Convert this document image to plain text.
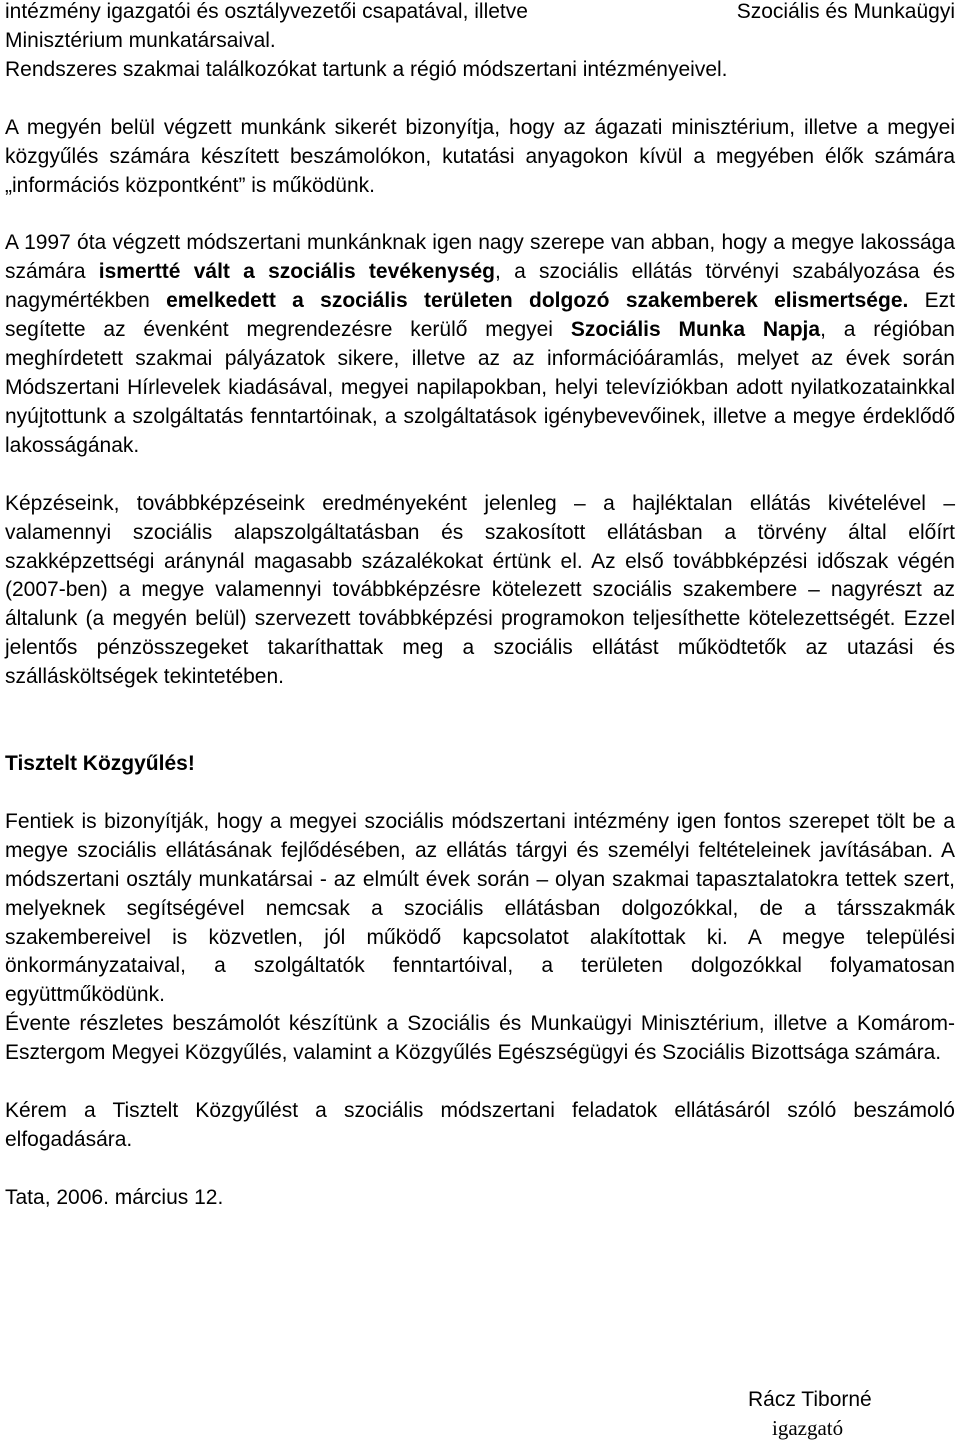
intézmény igazgatói és osztályvezetői csapatával, illetve	Szociális és Munkaügyi
Minisztérium munkatársaival.
Rendszeres szakmai találkozókat tartunk a régió módszertani intézményeivel.

A megyén belül végzett munkánk sikerét bizonyítja, hogy az ágazati minisztérium, illetve a megyei közgyűlés számára készített beszámolókon, kutatási anyagokon kívül a megyében élők számára „információs központként” is működünk.

A 1997 óta végzett módszertani munkánknak igen nagy szerepe van abban, hogy a megye lakossága számára ismertté vált a szociális tevékenység, a szociális ellátás törvényi szabályozása és nagymértékben emelkedett a szociális területen dolgozó szakemberek elismertsége. Ezt segítette az évenként megrendezésre kerülő megyei Szociális Munka Napja, a régióban meghírdetett szakmai pályázatok sikere, illetve az az információáramlás, melyet az évek során Módszertani Hírlevelek kiadásával, megyei napilapokban, helyi televíziókban adott nyilatkozatainkkal nyújtottunk a szolgáltatás fenntartóinak, a szolgáltatások igénybevevőinek, illetve a megye érdeklődő lakosságának.

Képzéseink, továbbképzéseink eredményeként jelenleg – a hajléktalan ellátás kivételével – valamennyi szociális alapszolgáltatásban és szakosított ellátásban a törvény által előírt szakképzettségi aránynál magasabb százalékokat értünk el. Az első továbbképzési időszak végén (2007-ben) a megye valamennyi továbbképzésre kötelezett szociális szakembere – nagyrészt az általunk (a megyén belül) szervezett továbbképzési programokon teljesíthette kötelezettségét. Ezzel jelentős pénzösszegeket takaríthattak meg a szociális ellátást működtetők az utazási és szállásköltségek tekintetében.

Tisztelt Közgyűlés!

Fentiek is bizonyítják, hogy a megyei szociális módszertani intézmény igen fontos szerepet tölt be a megye szociális ellátásának fejlődésében, az ellátás tárgyi és személyi feltételeinek javításában. A módszertani osztály munkatársai - az elmúlt évek során – olyan szakmai tapasztalatokra tettek szert, melyeknek segítségével nemcsak a szociális ellátásban dolgozókkal, de a társszakmák szakembereivel is közvetlen, jól működő kapcsolatot alakítottak ki. A megye települési önkormányzataival, a szolgáltatók fenntartóival, a területen dolgozókkal folyamatosan együttműködünk.

Évente részletes beszámolót készítünk a Szociális és Munkaügyi Minisztérium, illetve a Komárom-Esztergom Megyei Közgyűlés, valamint a Közgyűlés Egészségügyi és Szociális Bizottsága számára.

Kérem a Tisztelt Közgyűlést a szociális módszertani feladatok ellátásáról szóló beszámoló elfogadására.

Tata, 2006. március 12.

Rácz Tiborné
igazgató
